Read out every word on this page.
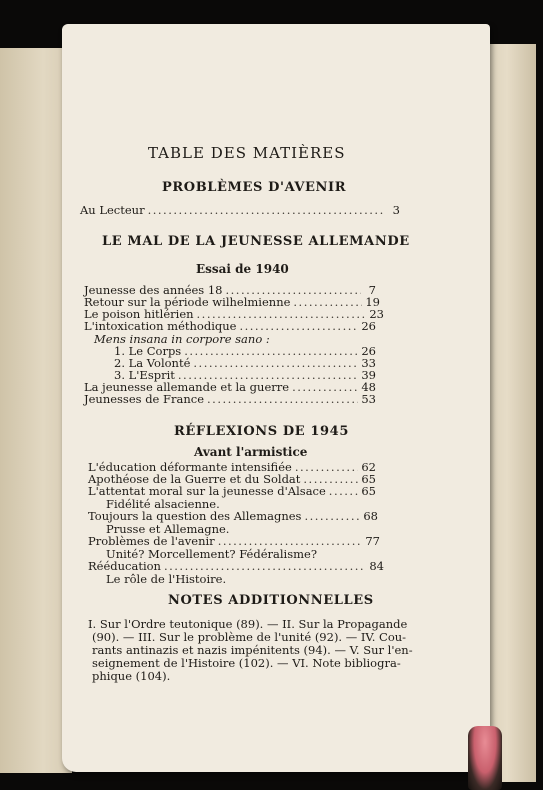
TABLE DES MATIÈRES
PROBLÈMES D'AVENIR
Au Lecteur .....	3
LE MAL DE LA JEUNESSE ALLEMANDE
Essai de 1940
Jeunesse des années 18 .....	7
Retour sur la période wilhelmienne .....	19
Le poison hitlérien .....	23
L'intoxication méthodique .....	26
Mens insana in corpore sano :
1. Le Corps .....	26
2. La Volonté .....	33
3. L'Esprit .....	39
La jeunesse allemande et la guerre .....	48
Jeunesses de France .....	53
RÉFLEXIONS DE 1945
Avant l'armistice
L'éducation déformante intensifiée .....	62
Apothéose de la Guerre et du Soldat .....	65
L'attentat moral sur la jeunesse d'Alsace .....	65
Fidélité alsacienne.
Toujours la question des Allemagnes .....	68
Prusse et Allemagne.
Problèmes de l'avenir .....	77
Unité? Morcellement? Fédéralisme?
Rééducation .....	84
Le rôle de l'Histoire.
NOTES ADDITIONNELLES
I. Sur l'Ordre teutonique (89). — II. Sur la Propagande
(90). — III. Sur le problème de l'unité (92). — IV. Cou-
rants antinazis et nazis impénitents (94). — V. Sur l'en-
seignement de l'Histoire (102). — VI. Note bibliogra-
phique (104).
